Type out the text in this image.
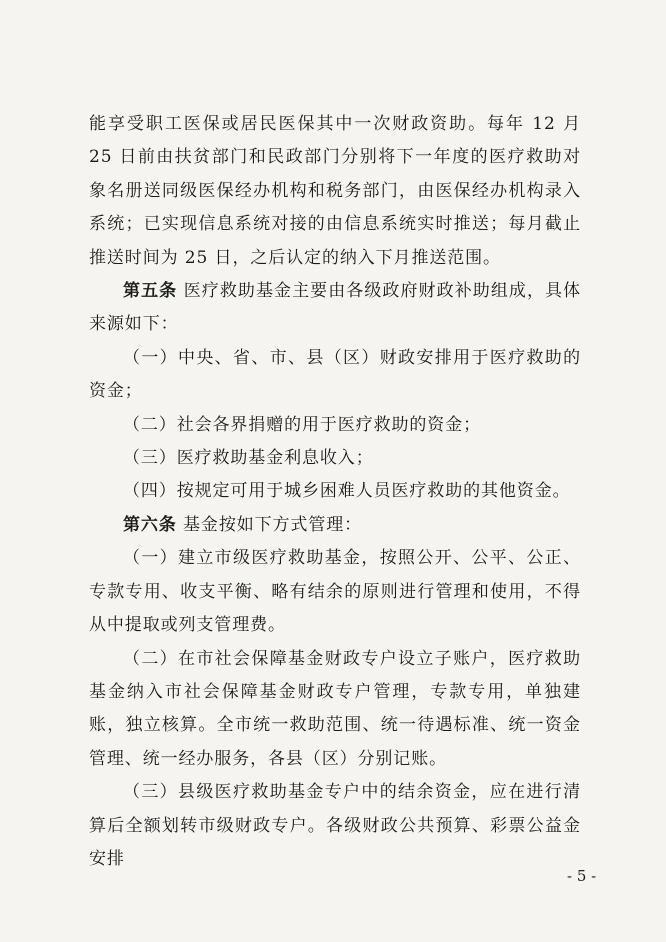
能享受职工医保或居民医保其中一次财政资助。每年 12 月 25 日前由扶贫部门和民政部门分别将下一年度的医疗救助对象名册送同级医保经办机构和税务部门，由医保经办机构录入系统；已实现信息系统对接的由信息系统实时推送；每月截止推送时间为 25 日，之后认定的纳入下月推送范围。

第五条 医疗救助基金主要由各级政府财政补助组成，具体来源如下：

（一）中央、省、市、县（区）财政安排用于医疗救助的资金；

（二）社会各界捐赠的用于医疗救助的资金；

（三）医疗救助基金利息收入；

（四）按规定可用于城乡困难人员医疗救助的其他资金。

第六条 基金按如下方式管理：

（一）建立市级医疗救助基金，按照公开、公平、公正、专款专用、收支平衡、略有结余的原则进行管理和使用，不得从中提取或列支管理费。

（二）在市社会保障基金财政专户设立子账户，医疗救助基金纳入市社会保障基金财政专户管理，专款专用，单独建账，独立核算。全市统一救助范围、统一待遇标准、统一资金管理、统一经办服务，各县（区）分别记账。

（三）县级医疗救助基金专户中的结余资金，应在进行清算后全额划转市级财政专户。各级财政公共预算、彩票公益金安排

- 5 -
